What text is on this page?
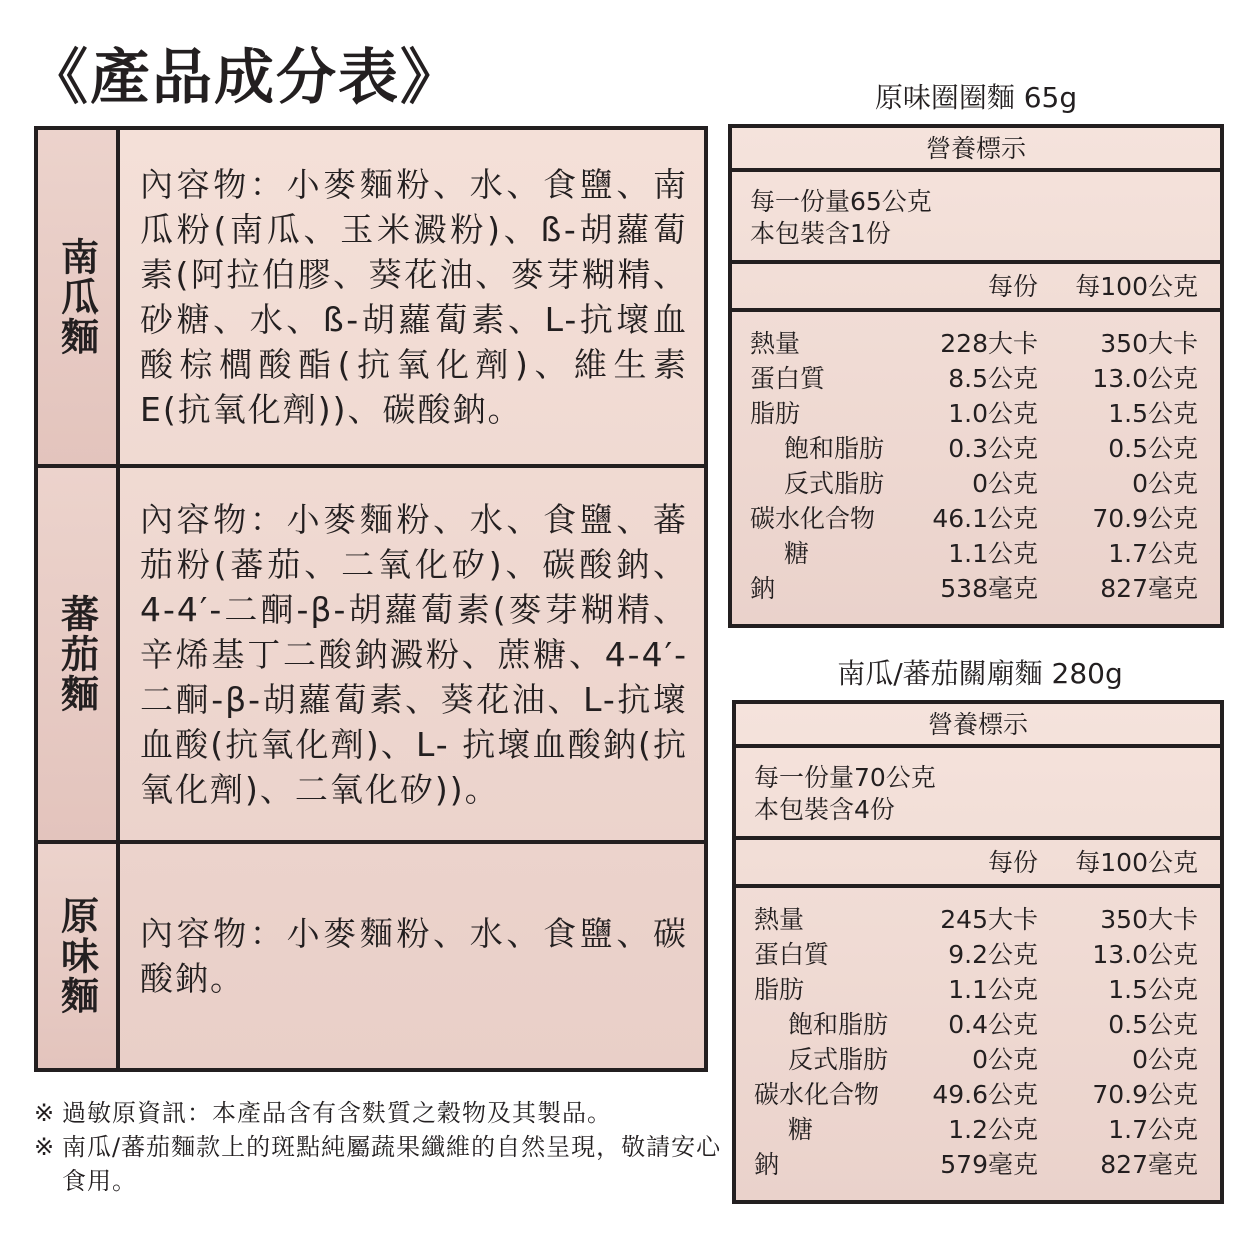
《產品成分表》
南瓜麵
內容物：小麥麵粉、水、食鹽、南瓜粉(南瓜、玉米澱粉)、ß-胡蘿蔔素(阿拉伯膠、葵花油、麥芽糊精、砂糖、水、ß-胡蘿蔔素、L-抗壞血酸棕櫚酸酯(抗氧化劑)、維生素E(抗氧化劑))、碳酸鈉。
蕃茄麵
內容物：小麥麵粉、水、食鹽、蕃茄粉(蕃茄、二氧化矽)、碳酸鈉、4-4′-二酮-β-胡蘿蔔素(麥芽糊精、辛烯基丁二酸鈉澱粉、蔗糖、4-4′-二酮-β-胡蘿蔔素、葵花油、L-抗壞血酸(抗氧化劑)、L- 抗壞血酸鈉(抗氧化劑)、二氧化矽))。
原味麵 內容物：小麥麵粉、水、食鹽、碳酸鈉。
※ 過敏原資訊：本產品含有含麩質之穀物及其製品。
※ 南瓜/蕃茄麵款上的斑點純屬蔬果纖維的自然呈現，敬請安心食用。
原味圈圈麵 65g
營養標示
每一份量65公克
本包裝含1份
每份 每100公克
熱量	228大卡 350大卡
蛋白質	8.5公克 13.0公克
脂肪	1.0公克	1.5公克
飽和脂肪	0.3公克	0.5公克
反式脂肪	0公克	0公克
碳水化合物 46.1公克 70.9公克
糖	1.1公克	1.7公克
鈉	538毫克 827毫克
南瓜/蕃茄關廟麵 280g
營養標示
每一份量70公克
本包裝含4份
每份 每100公克
熱量	245大卡 350大卡
蛋白質	9.2公克 13.0公克
脂肪	1.1公克	1.5公克
飽和脂肪 0.4公克	0.5公克
反式脂肪	0公克	0公克
碳水化合物 49.6公克 70.9公克
糖	1.2公克	1.7公克
鈉	579毫克 827毫克
